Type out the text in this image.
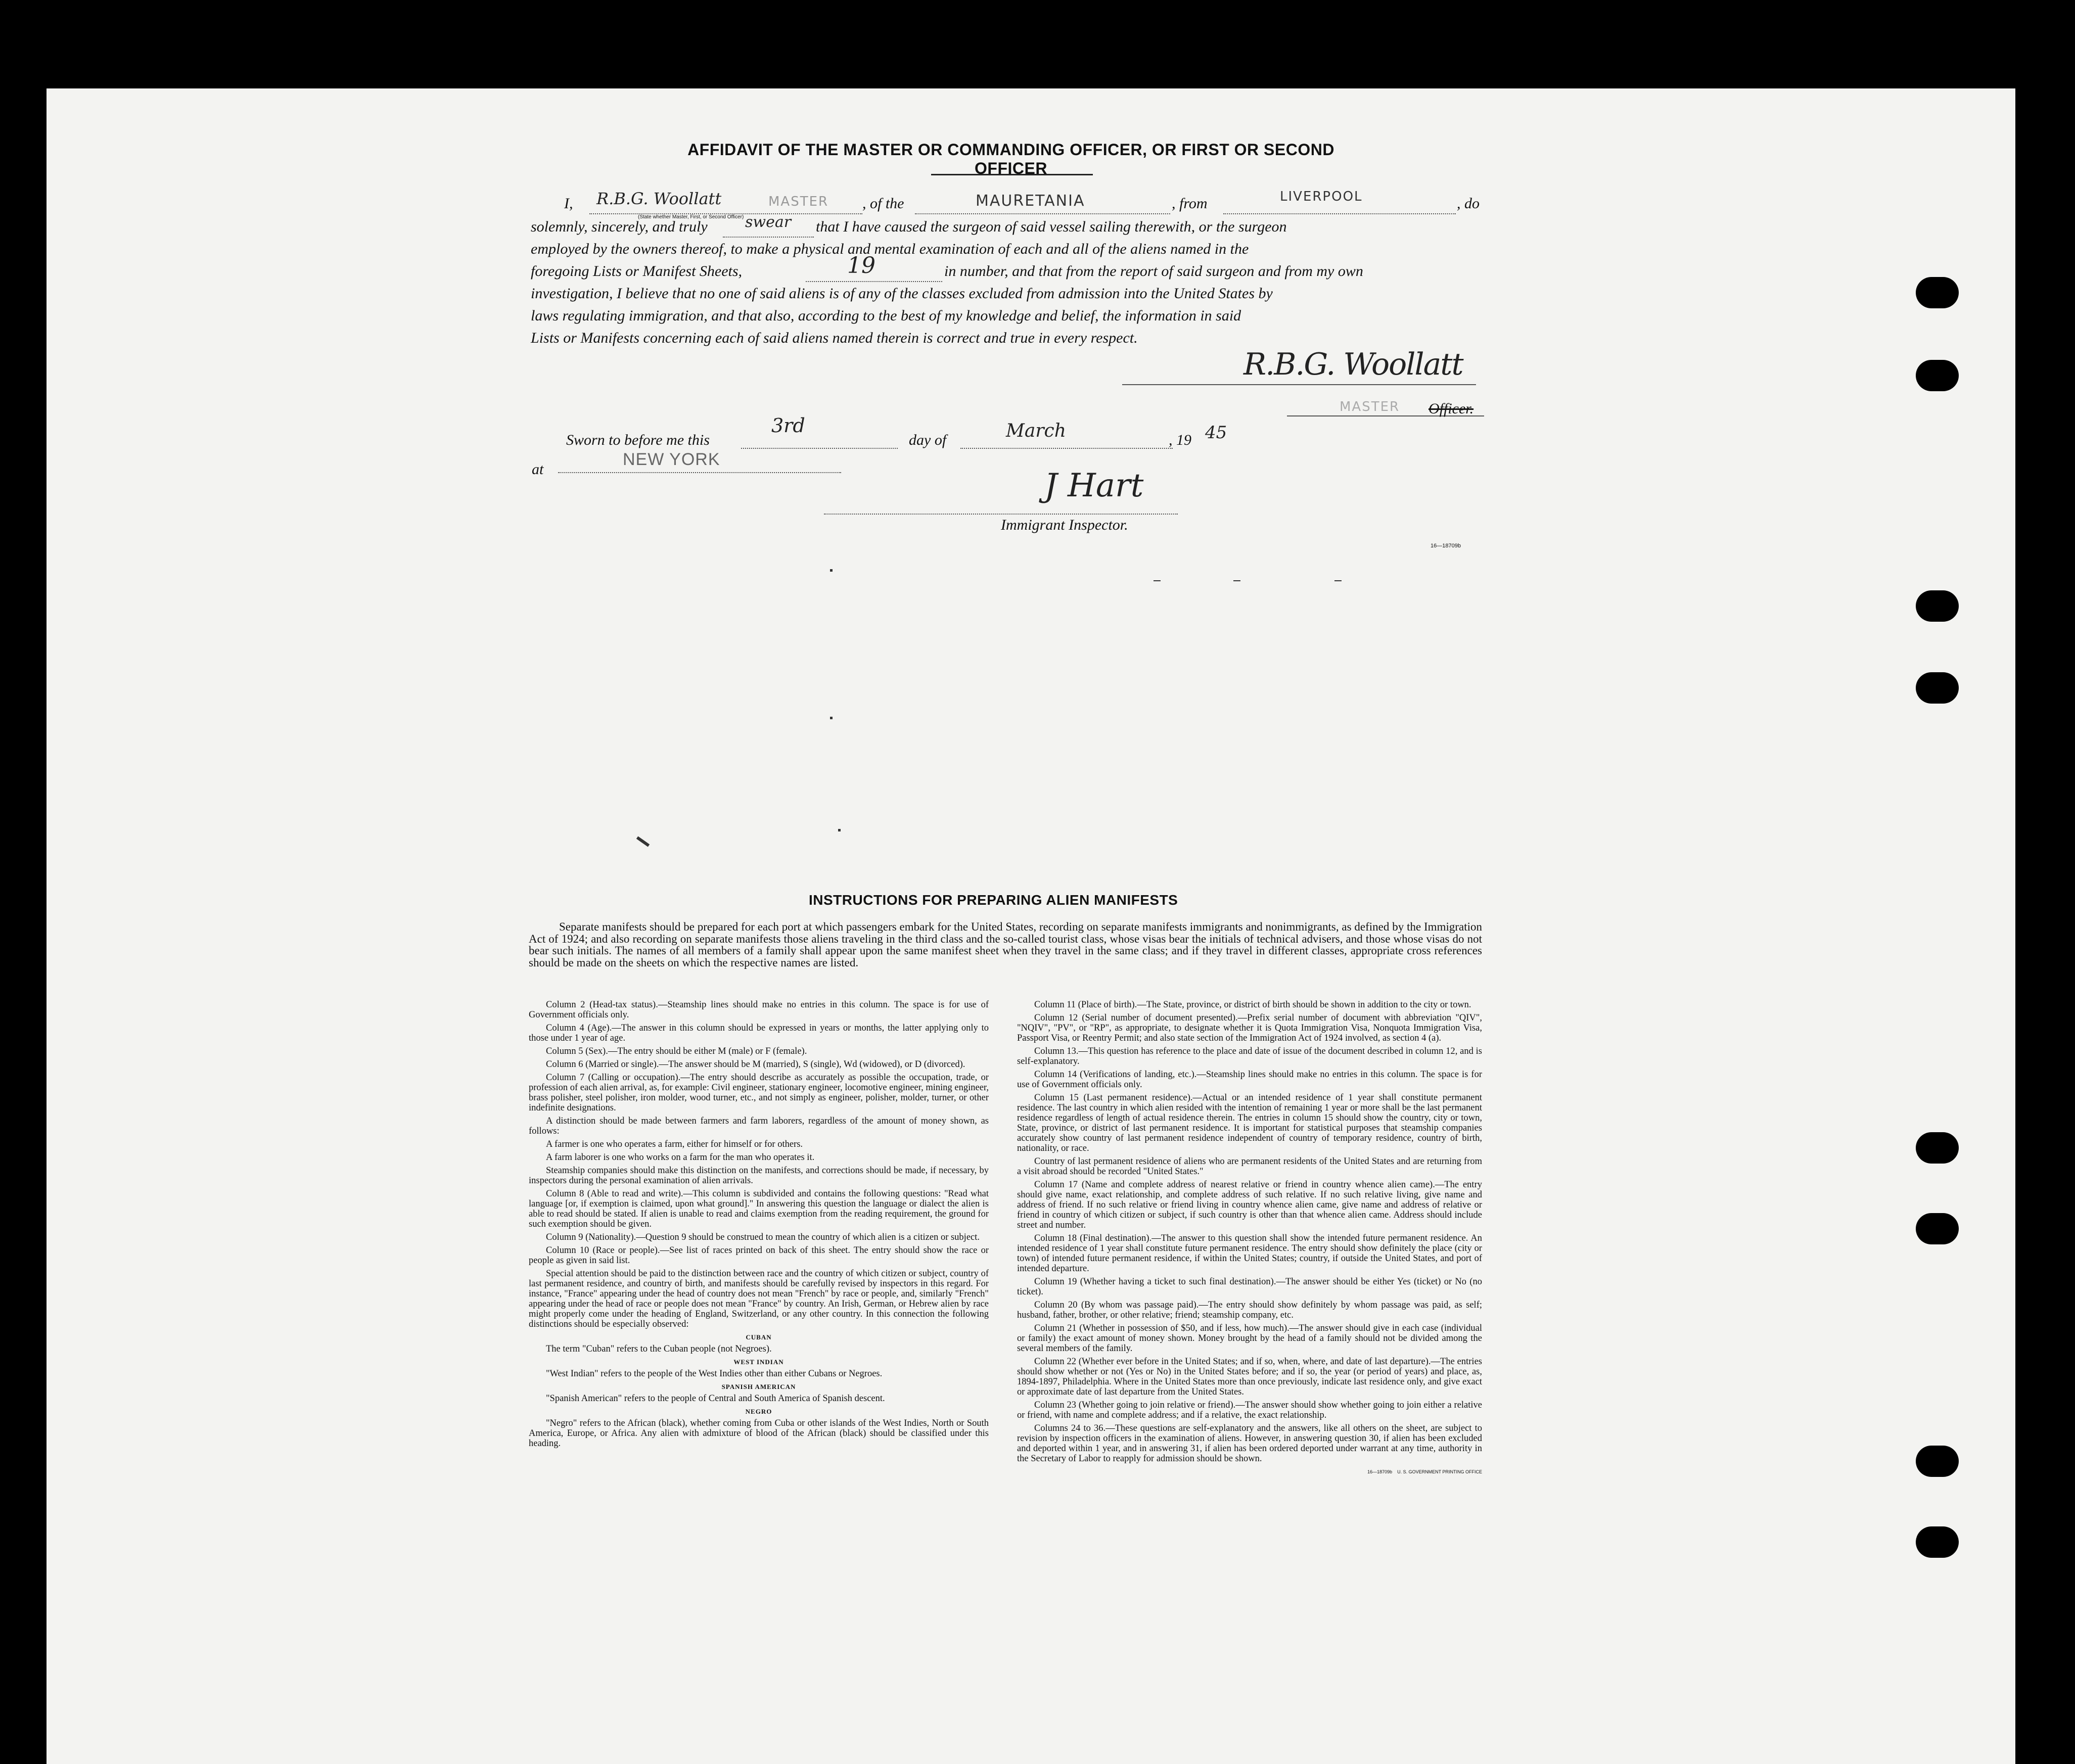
AFFIDAVIT OF THE MASTER OR COMMANDING OFFICER, OR FIRST OR SECOND OFFICER
I, R.B.G. Woollatt	MASTER
(State whether Master, First, or Second Officer)
, of the	MAURETANIA	, from	LIVERPOOL	, do
solemnly, sincerely, and truly swear that I have caused the surgeon of said vessel sailing therewith, or the surgeon
employed by the owners thereof, to make a physical and mental examination of each and all of the aliens named in the
foregoing Lists or Manifest Sheets,	19	in number, and that from the report of said surgeon and from my own
investigation, I believe that no one of said aliens is of any of the classes excluded from admission into the United States by
laws regulating immigration, and that also, according to the best of my knowledge and belief, the information in said
Lists or Manifests concerning each of said aliens named therein is correct and true in every respect.
R.B.G. Woollatt
MASTER Officer.
Sworn to before me this
3rd
day of	March	, 19 45
at
NEW YORK
J Hart
Immigrant Inspector.
16—18709b
INSTRUCTIONS FOR PREPARING ALIEN MANIFESTS

Separate manifests should be prepared for each port at which passengers embark for the United States, recording on separate manifests immigrants and nonimmigrants, as defined by the Immigration Act of 1924; and also recording on separate manifests those aliens traveling in the third class and the so-called tourist class, whose visas bear the initials of technical advisers, and those whose visas do not bear such initials. The names of all members of a family shall appear upon the same manifest sheet when they travel in the same class; and if they travel in different classes, appropriate cross references should be made on the sheets on which the respective names are listed.

Column 2 (Head-tax status).—Steamship lines should make no entries in this column. The space is for use of Government officials only.

Column 4 (Age).—The answer in this column should be expressed in years or months, the latter applying only to those under 1 year of age.

Column 5 (Sex).—The entry should be either M (male) or F (female).

Column 6 (Married or single).—The answer should be M (married), S (single), Wd (widowed), or D (divorced).

Column 7 (Calling or occupation).—The entry should describe as accurately as possible the occupation, trade, or profession of each alien arrival, as, for example: Civil engineer, stationary engineer, locomotive engineer, mining engineer, brass polisher, steel polisher, iron molder, wood turner, etc., and not simply as engineer, polisher, molder, turner, or other indefinite designations.

A distinction should be made between farmers and farm laborers, regardless of the amount of money shown, as follows:

A farmer is one who operates a farm, either for himself or for others.

A farm laborer is one who works on a farm for the man who operates it.

Steamship companies should make this distinction on the manifests, and corrections should be made, if necessary, by inspectors during the personal examination of alien arrivals.

Column 8 (Able to read and write).—This column is subdivided and contains the following questions: "Read what language [or, if exemption is claimed, upon what ground]." In answering this question the language or dialect the alien is able to read should be stated. If alien is unable to read and claims exemption from the reading requirement, the ground for such exemption should be given.

Column 9 (Nationality).—Question 9 should be construed to mean the country of which alien is a citizen or subject.

Column 10 (Race or people).—See list of races printed on back of this sheet. The entry should show the race or people as given in said list.

Special attention should be paid to the distinction between race and the country of which citizen or subject, country of last permanent residence, and country of birth, and manifests should be carefully revised by inspectors in this regard. For instance, "France" appearing under the head of country does not mean "French" by race or people, and, similarly "French" appearing under the head of race or people does not mean "France" by country. An Irish, German, or Hebrew alien by race might properly come under the heading of England, Switzerland, or any other country. In this connection the following distinctions should be especially observed:

CUBAN

The term "Cuban" refers to the Cuban people (not Negroes).

WEST INDIAN

"West Indian" refers to the people of the West Indies other than either Cubans or Negroes.

SPANISH AMERICAN

"Spanish American" refers to the people of Central and South America of Spanish descent.

NEGRO

"Negro" refers to the African (black), whether coming from Cuba or other islands of the West Indies, North or South America, Europe, or Africa. Any alien with admixture of blood of the African (black) should be classified under this heading.

Column 11 (Place of birth).—The State, province, or district of birth should be shown in addition to the city or town.

Column 12 (Serial number of document presented).—Prefix serial number of document with abbreviation "QIV", "NQIV", "PV", or "RP", as appropriate, to designate whether it is Quota Immigration Visa, Nonquota Immigration Visa, Passport Visa, or Reentry Permit; and also state section of the Immigration Act of 1924 involved, as section 4 (a).

Column 13.—This question has reference to the place and date of issue of the document described in column 12, and is self-explanatory.

Column 14 (Verifications of landing, etc.).—Steamship lines should make no entries in this column. The space is for use of Government officials only.

Column 15 (Last permanent residence).—Actual or an intended residence of 1 year shall constitute permanent residence. The last country in which alien resided with the intention of remaining 1 year or more shall be the last permanent residence regardless of length of actual residence therein. The entries in column 15 should show the country, city or town, State, province, or district of last permanent residence. It is important for statistical purposes that steamship companies accurately show country of last permanent residence independent of country of temporary residence, country of birth, nationality, or race.

Country of last permanent residence of aliens who are permanent residents of the United States and are returning from a visit abroad should be recorded "United States."

Column 17 (Name and complete address of nearest relative or friend in country whence alien came).—The entry should give name, exact relationship, and complete address of such relative. If no such relative living, give name and address of friend. If no such relative or friend living in country whence alien came, give name and address of relative or friend in country of which citizen or subject, if such country is other than that whence alien came. Address should include street and number.

Column 18 (Final destination).—The answer to this question shall show the intended future permanent residence. An intended residence of 1 year shall constitute future permanent residence. The entry should show definitely the place (city or town) of intended future permanent residence, if within the United States; country, if outside the United States, and port of intended departure.

Column 19 (Whether having a ticket to such final destination).—The answer should be either Yes (ticket) or No (no ticket).

Column 20 (By whom was passage paid).—The entry should show definitely by whom passage was paid, as self; husband, father, brother, or other relative; friend; steamship company, etc.

Column 21 (Whether in possession of $50, and if less, how much).—The answer should give in each case (individual or family) the exact amount of money shown. Money brought by the head of a family should not be divided among the several members of the family.

Column 22 (Whether ever before in the United States; and if so, when, where, and date of last departure).—The entries should show whether or not (Yes or No) in the United States before; and if so, the year (or period of years) and place, as, 1894-1897, Philadelphia. Where in the United States more than once previously, indicate last residence only, and give exact or approximate date of last departure from the United States.

Column 23 (Whether going to join relative or friend).—The answer should show whether going to join either a relative or friend, with name and complete address; and if a relative, the exact relationship.

Columns 24 to 36.—These questions are self-explanatory and the answers, like all others on the sheet, are subject to revision by inspection officers in the examination of aliens. However, in answering question 30, if alien has been excluded and deported within 1 year, and in answering 31, if alien has been ordered deported under warrant at any time, authority in the Secretary of Labor to reapply for admission should be shown.

16—18709b U. S. GOVERNMENT PRINTING OFFICE
